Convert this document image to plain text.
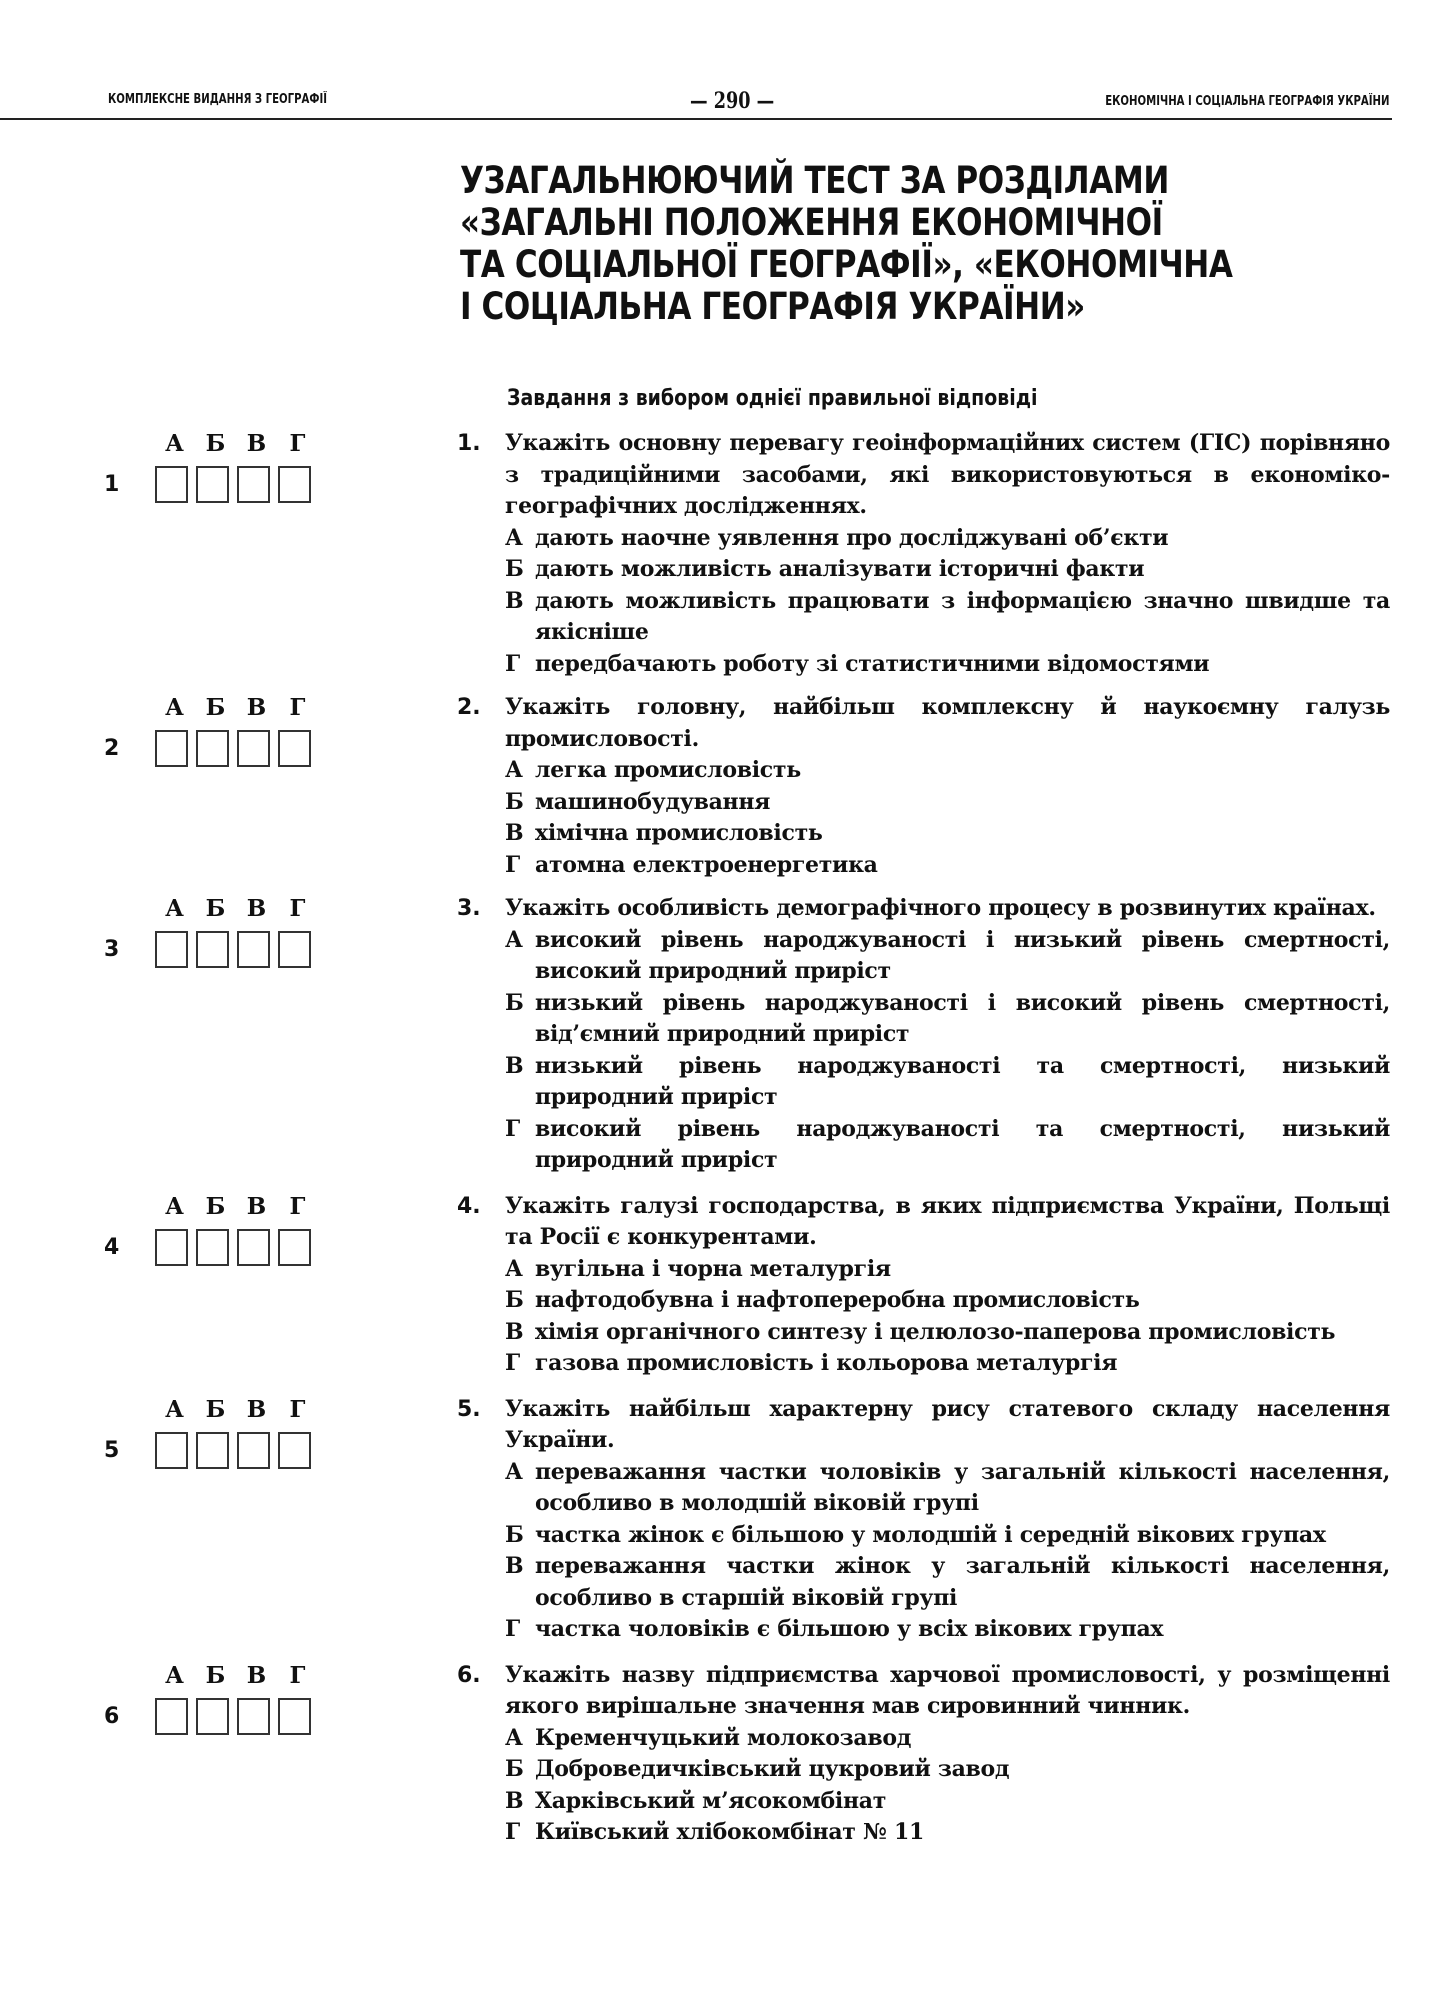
КОМПЛЕКСНЕ ВИДАННЯ З ГЕОГРАФІЇ	— 290 —	ЕКОНОМІЧНА І СОЦІАЛЬНА ГЕОГРАФІЯ УКРАЇНИ
УЗАГАЛЬНЮЮЧИЙ ТЕСТ ЗА РОЗДІЛАМИ
«ЗАГАЛЬНІ ПОЛОЖЕННЯ ЕКОНОМІЧНОЇ
ТА СОЦІАЛЬНОЇ ГЕОГРАФІЇ», «ЕКОНОМІЧНА
І СОЦІАЛЬНА ГЕОГРАФІЯ УКРАЇНИ»
Завдання з вибором однієї правильної відповіді
А Б В	Г
1
1.	Укажіть основну перевагу геоінформаційних систем (ГІС) порівняно з традиційними засобами, які використовуються в економіко-географічних дослідженнях.
А дають наочне уявлення про досліджувані об’єкти
Б дають можливість аналізувати історичні факти
В дають можливість працювати з інформацією значно швидше та якісніше
Г передбачають роботу зі статистичними відомостями
А Б В	Г
2
2.	Укажіть головну, найбільш комплексну й наукоємну галузь промисловості.
А легка промисловість
Б машинобудування
В хімічна промисловість
Г атомна електроенергетика
А Б В	Г
3
3.	Укажіть особливість демографічного процесу в розвинутих країнах.
А високий рівень народжуваності і низький рівень смертності, високий природний приріст
Б низький рівень народжуваності і високий рівень смертності, від’ємний природний приріст
В низький рівень народжуваності та смертності, низький природний приріст
Г високий рівень народжуваності та смертності, низький природний приріст
А Б В	Г
4
4.	Укажіть галузі господарства, в яких підприємства України, Польщі та Росії є конкурентами.
А вугільна і чорна металургія
Б нафтодобувна і нафтопереробна промисловість
В хімія органічного синтезу і целюлозо-паперова промисловість
Г газова промисловість і кольорова металургія
А Б В	Г
5
5.	Укажіть найбільш характерну рису статевого складу населення України.
А переважання частки чоловіків у загальній кількості населення, особливо в молодшій віковій групі
Б частка жінок є більшою у молодшій і середній вікових групах
В переважання частки жінок у загальній кількості населення, особливо в старшій віковій групі
Г частка чоловіків є більшою у всіх вікових групах
А Б В	Г
6
6.	Укажіть назву підприємства харчової промисловості, у розміщенні якого вирішальне значення мав сировинний чинник.
А Кременчуцький молокозавод
Б Доброведичківський цукровий завод
В Харківський м’ясокомбінат
Г Київський хлібокомбінат № 11
